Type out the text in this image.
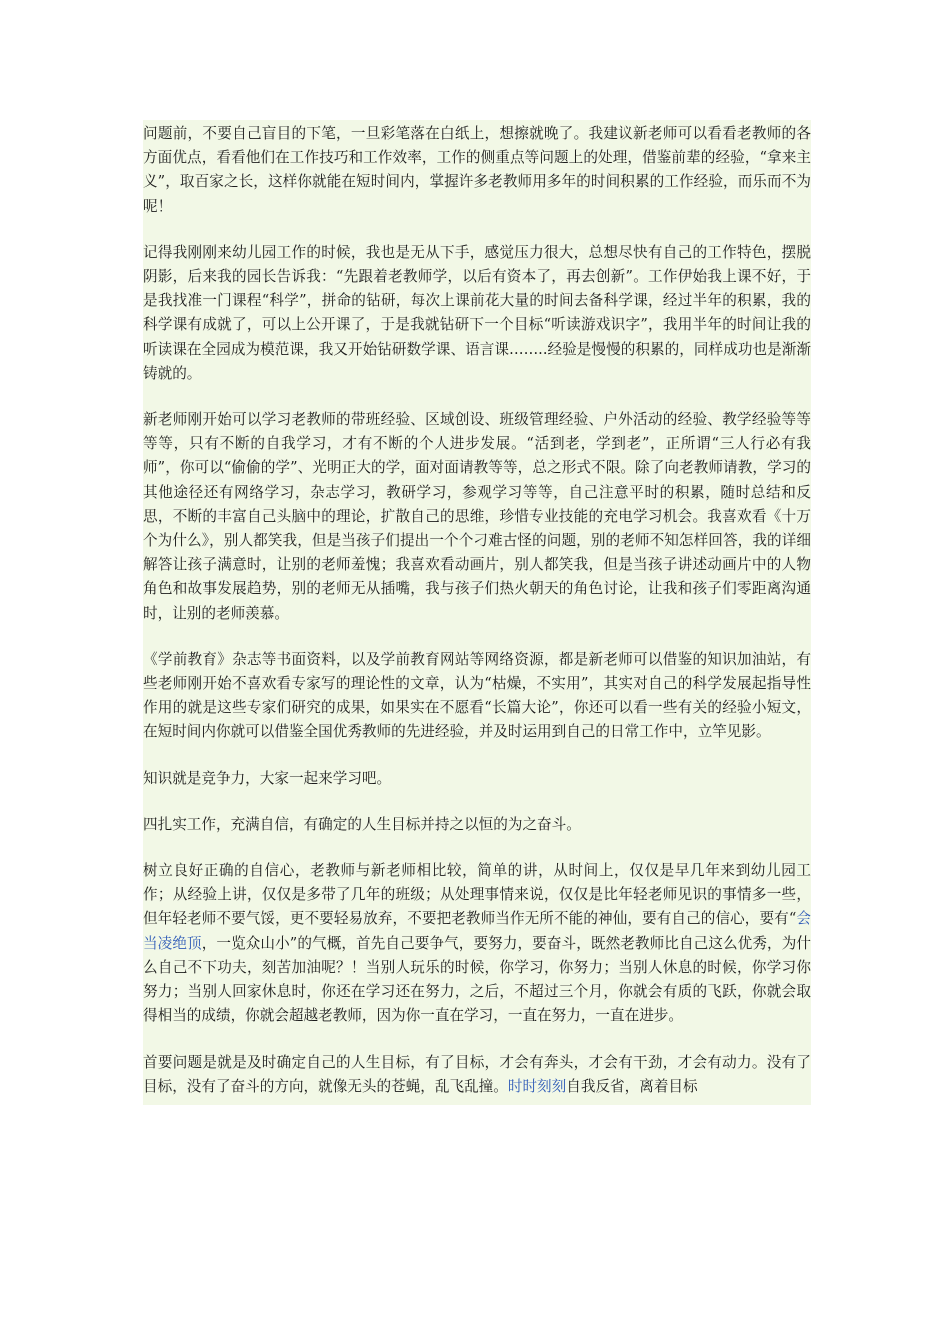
问题前，不要自己盲目的下笔，一旦彩笔落在白纸上，想擦就晚了。我建议新老师可以看看老教师的各方面优点，看看他们在工作技巧和工作效率，工作的侧重点等问题上的处理，借鉴前辈的经验，“拿来主义”，取百家之长，这样你就能在短时间内，掌握许多老教师用多年的时间积累的工作经验，而乐而不为呢！

记得我刚刚来幼儿园工作的时候，我也是无从下手，感觉压力很大，总想尽快有自己的工作特色，摆脱阴影，后来我的园长告诉我：“先跟着老教师学，以后有资本了，再去创新”。工作伊始我上课不好，于是我找准一门课程“科学”，拼命的钻研，每次上课前花大量的时间去备科学课，经过半年的积累，我的科学课有成就了，可以上公开课了，于是我就钻研下一个目标“听读游戏识字”，我用半年的时间让我的听读课在全园成为模范课，我又开始钻研数学课、语言课……..经验是慢慢的积累的，同样成功也是渐渐铸就的。

新老师刚开始可以学习老教师的带班经验、区域创设、班级管理经验、户外活动的经验、教学经验等等等等，只有不断的自我学习，才有不断的个人进步发展。“活到老，学到老”，正所谓“三人行必有我师”，你可以“偷偷的学”、光明正大的学，面对面请教等等，总之形式不限。除了向老教师请教，学习的其他途径还有网络学习，杂志学习，教研学习，参观学习等等，自己注意平时的积累，随时总结和反思，不断的丰富自己头脑中的理论，扩散自己的思维，珍惜专业技能的充电学习机会。我喜欢看《十万个为什么》，别人都笑我，但是当孩子们提出一个个刁难古怪的问题，别的老师不知怎样回答，我的详细解答让孩子满意时，让别的老师羞愧；我喜欢看动画片，别人都笑我，但是当孩子讲述动画片中的人物角色和故事发展趋势，别的老师无从插嘴，我与孩子们热火朝天的角色讨论，让我和孩子们零距离沟通时，让别的老师羡慕。

《学前教育》杂志等书面资料，以及学前教育网站等网络资源，都是新老师可以借鉴的知识加油站，有些老师刚开始不喜欢看专家写的理论性的文章，认为“枯燥，不实用”，其实对自己的科学发展起指导性作用的就是这些专家们研究的成果，如果实在不愿看“长篇大论”，你还可以看一些有关的经验小短文，在短时间内你就可以借鉴全国优秀教师的先进经验，并及时运用到自己的日常工作中，立竿见影。

知识就是竞争力，大家一起来学习吧。

四扎实工作，充满自信，有确定的人生目标并持之以恒的为之奋斗。

树立良好正确的自信心，老教师与新老师相比较，简单的讲，从时间上，仅仅是早几年来到幼儿园工作；从经验上讲，仅仅是多带了几年的班级；从处理事情来说，仅仅是比年轻老师见识的事情多一些，但年轻老师不要气馁，更不要轻易放弃，不要把老教师当作无所不能的神仙，要有自己的信心，要有“会当凌绝顶，一览众山小”的气概，首先自己要争气，要努力，要奋斗，既然老教师比自己这么优秀，为什么自己不下功夫，刻苦加油呢？！当别人玩乐的时候，你学习，你努力；当别人休息的时候，你学习你努力；当别人回家休息时，你还在学习还在努力，之后，不超过三个月，你就会有质的飞跃，你就会取得相当的成绩，你就会超越老教师，因为你一直在学习，一直在努力，一直在进步。

首要问题是就是及时确定自己的人生目标，有了目标，才会有奔头，才会有干劲，才会有动力。没有了目标，没有了奋斗的方向，就像无头的苍蝇，乱飞乱撞。时时刻刻自我反省，离着目标
